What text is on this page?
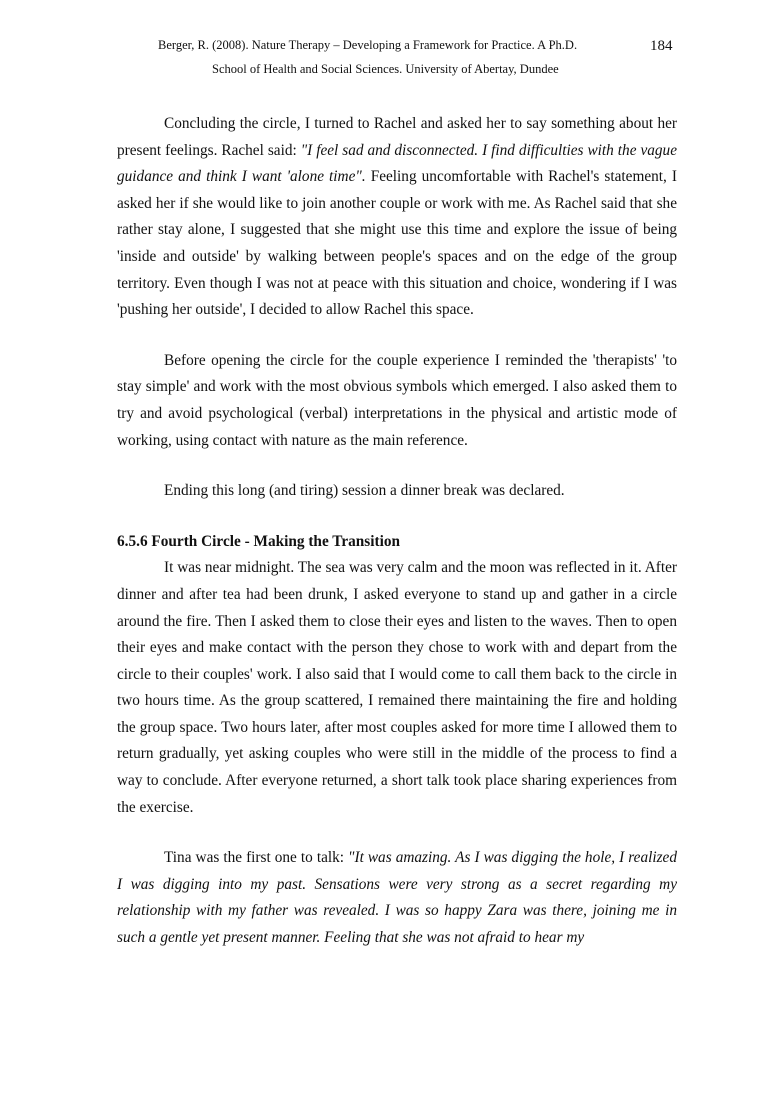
Berger, R. (2008). Nature Therapy – Developing a Framework for Practice. A Ph.D.	184
School of Health and Social Sciences. University of Abertay, Dundee

Concluding the circle, I turned to Rachel and asked her to say something about her present feelings. Rachel said: "I feel sad and disconnected. I find difficulties with the vague guidance and think I want 'alone time". Feeling uncomfortable with Rachel's statement, I asked her if she would like to join another couple or work with me. As Rachel said that she rather stay alone, I suggested that she might use this time and explore the issue of being 'inside and outside' by walking between people's spaces and on the edge of the group territory. Even though I was not at peace with this situation and choice, wondering if I was 'pushing her outside', I decided to allow Rachel this space.

Before opening the circle for the couple experience I reminded the 'therapists' 'to stay simple' and work with the most obvious symbols which emerged. I also asked them to try and avoid psychological (verbal) interpretations in the physical and artistic mode of working, using contact with nature as the main reference.

Ending this long (and tiring) session a dinner break was declared.

6.5.6 Fourth Circle - Making the Transition

It was near midnight. The sea was very calm and the moon was reflected in it. After dinner and after tea had been drunk, I asked everyone to stand up and gather in a circle around the fire. Then I asked them to close their eyes and listen to the waves. Then to open their eyes and make contact with the person they chose to work with and depart from the circle to their couples' work. I also said that I would come to call them back to the circle in two hours time. As the group scattered, I remained there maintaining the fire and holding the group space. Two hours later, after most couples asked for more time I allowed them to return gradually, yet asking couples who were still in the middle of the process to find a way to conclude. After everyone returned, a short talk took place sharing experiences from the exercise.

Tina was the first one to talk: "It was amazing. As I was digging the hole, I realized I was digging into my past. Sensations were very strong as a secret regarding my relationship with my father was revealed. I was so happy Zara was there, joining me in such a gentle yet present manner. Feeling that she was not afraid to hear my
